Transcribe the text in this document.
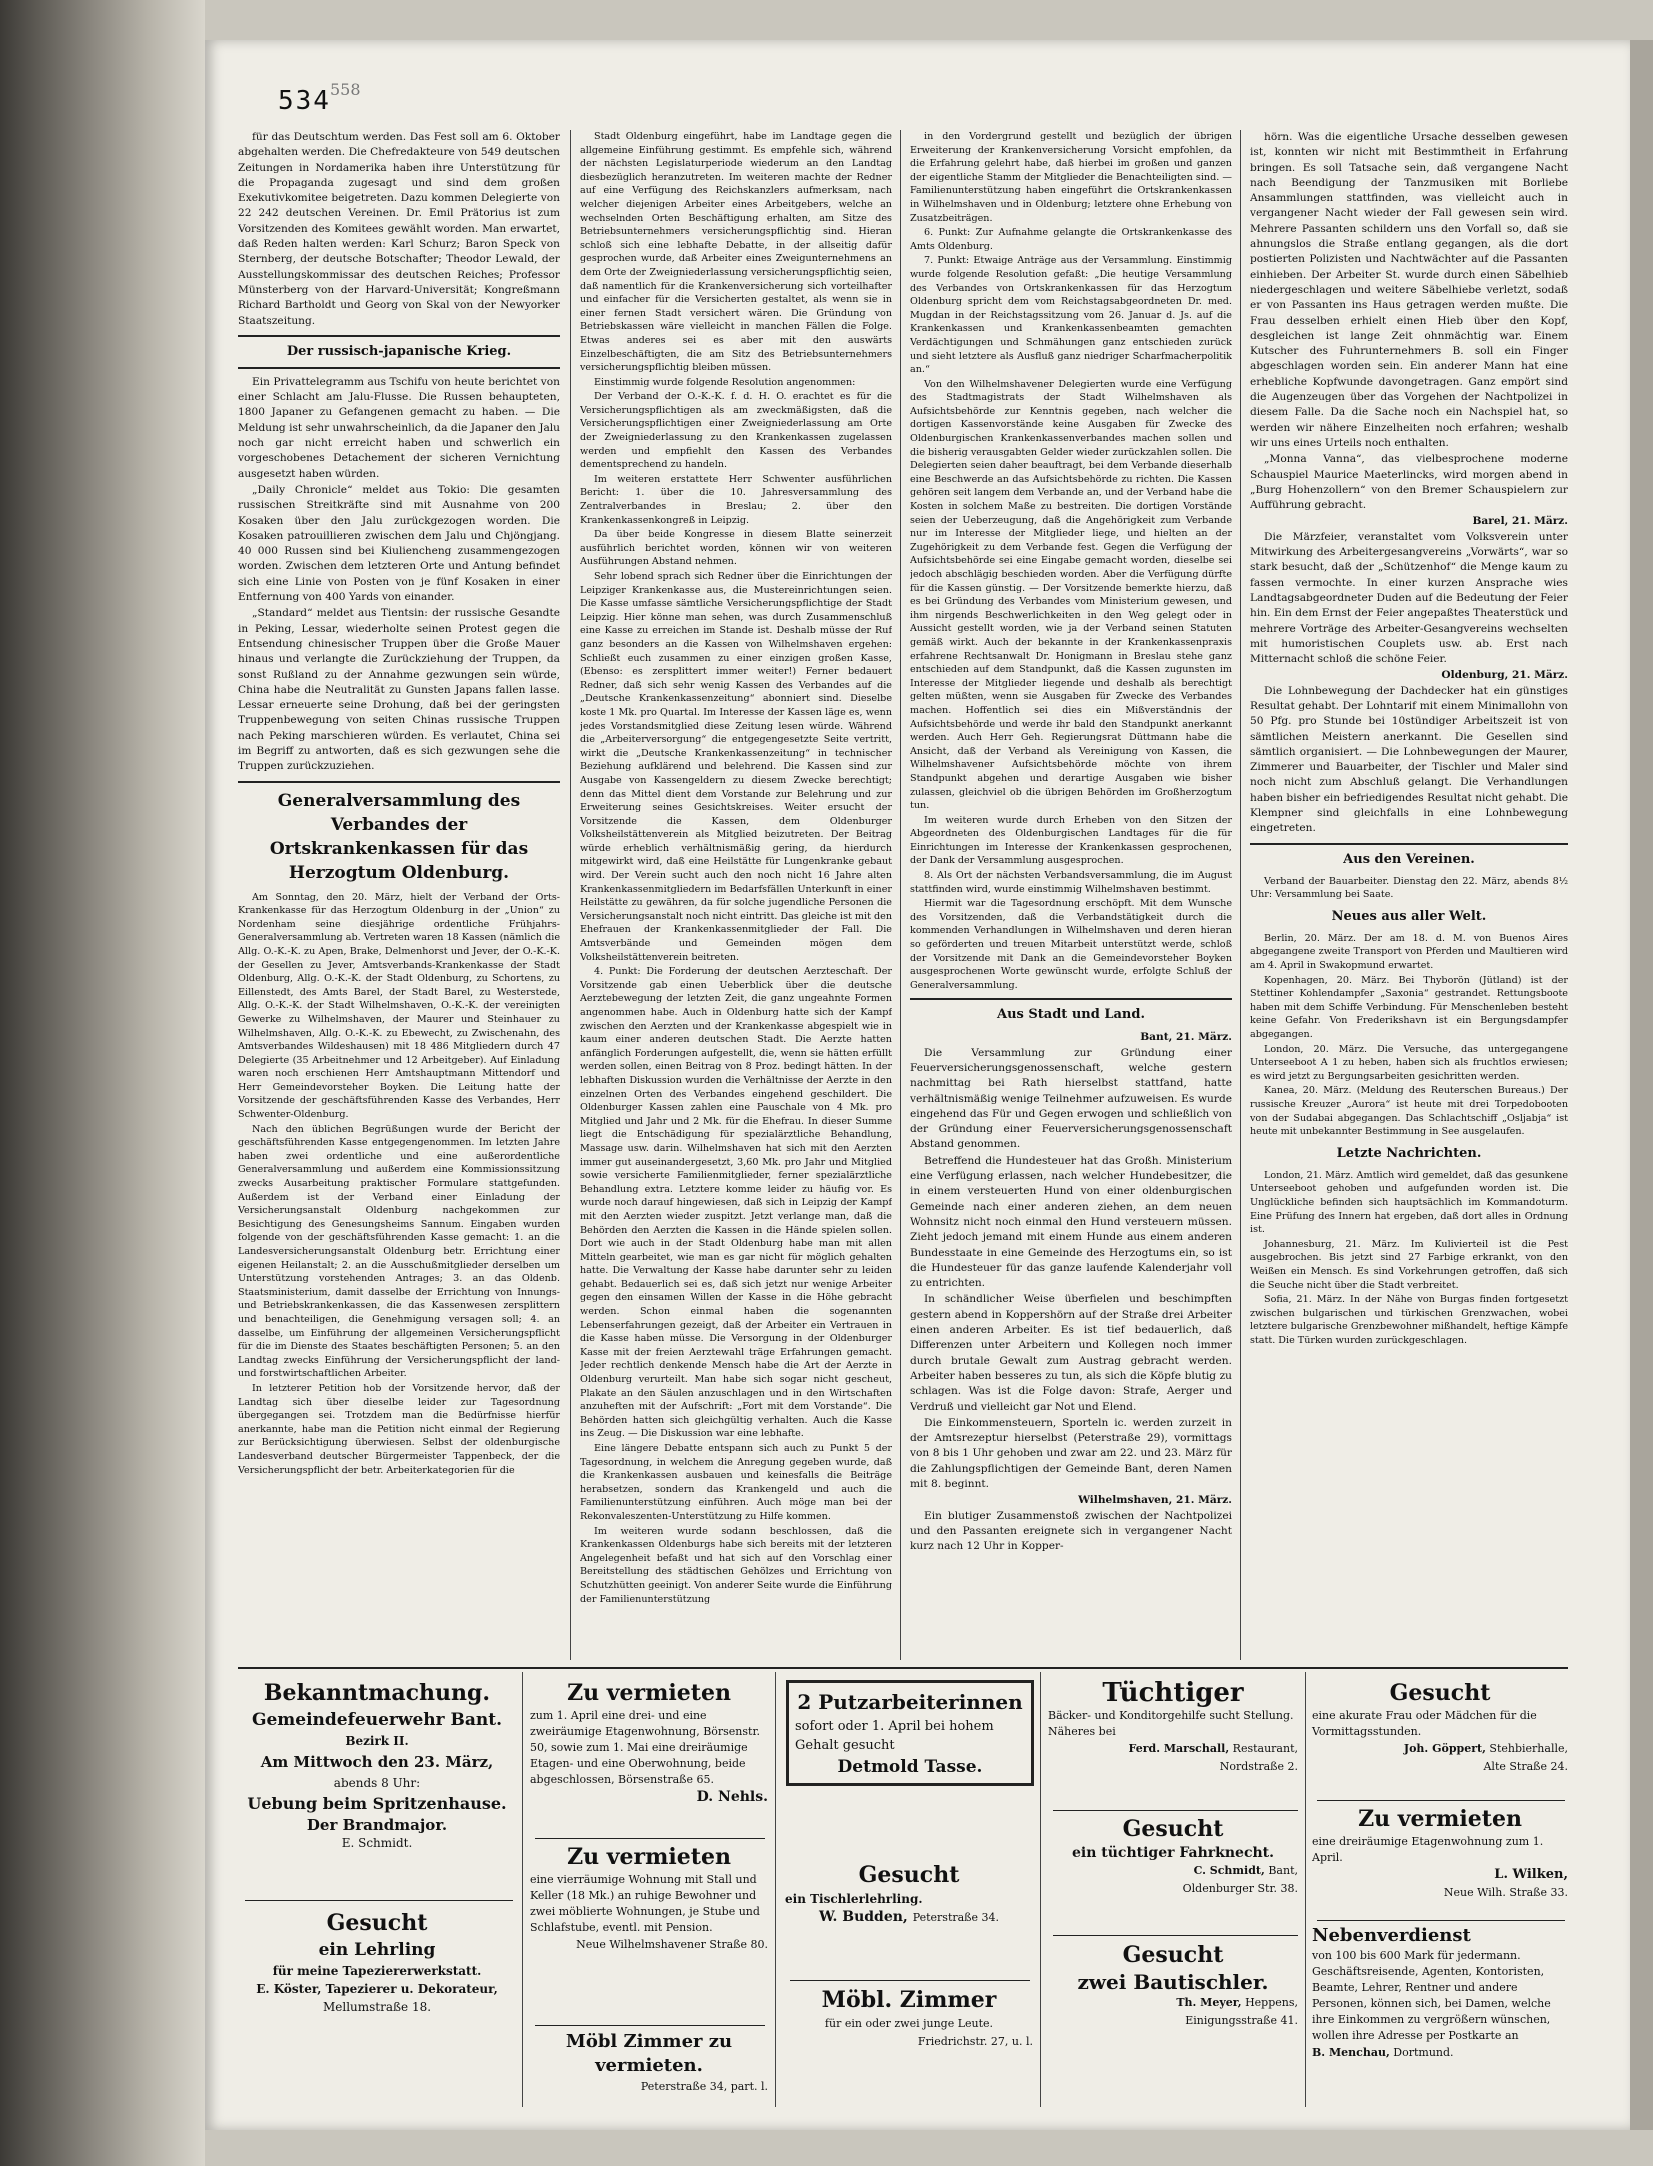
534 558

für das Deutschtum werden. Das Fest soll am 6. Oktober abgehalten werden. Die Chefredakteure von 549 deutschen Zeitungen in Nordamerika haben ihre Unterstützung für die Propaganda zugesagt und sind dem großen Exekutivkomitee beigetreten. Dazu kommen Delegierte von 22 242 deutschen Vereinen. Dr. Emil Prätorius ist zum Vorsitzenden des Komitees gewählt worden. Man erwartet, daß Reden halten werden: Karl Schurz; Baron Speck von Sternberg, der deutsche Botschafter; Theodor Lewald, der Ausstellungskommissar des deutschen Reiches; Professor Münsterberg von der Harvard-Universität; Kongreßmann Richard Bartholdt und Georg von Skal von der Newyorker Staatszeitung.

Der russisch-japanische Krieg.

Ein Privattelegramm aus Tschifu von heute berichtet von einer Schlacht am Jalu-Flusse. Die Russen behaupteten, 1800 Japaner zu Gefangenen gemacht zu haben. — Die Meldung ist sehr unwahrscheinlich, da die Japaner den Jalu noch gar nicht erreicht haben und schwerlich ein vorgeschobenes Detachement der sicheren Vernichtung ausgesetzt haben würden.

„Daily Chronicle“ meldet aus Tokio: Die gesamten russischen Streitkräfte sind mit Ausnahme von 200 Kosaken über den Jalu zurückgezogen worden. Die Kosaken patrouillieren zwischen dem Jalu und Chjöngjang. 40 000 Russen sind bei Kiuliencheng zusammengezogen worden. Zwischen dem letzteren Orte und Antung befindet sich eine Linie von Posten von je fünf Kosaken in einer Entfernung von 400 Yards von einander.

„Standard“ meldet aus Tientsin: der russische Gesandte in Peking, Lessar, wiederholte seinen Protest gegen die Entsendung chinesischer Truppen über die Große Mauer hinaus und verlangte die Zurückziehung der Truppen, da sonst Rußland zu der Annahme gezwungen sein würde, China habe die Neutralität zu Gunsten Japans fallen lasse. Lessar erneuerte seine Drohung, daß bei der geringsten Truppenbewegung von seiten Chinas russische Truppen nach Peking marschieren würden. Es verlautet, China sei im Begriff zu antworten, daß es sich gezwungen sehe die Truppen zurückzuziehen.

Generalversammlung des Verbandes der Ortskrankenkassen für das Herzogtum Oldenburg.

Am Sonntag, den 20. März, hielt der Verband der Orts-Krankenkasse für das Herzogtum Oldenburg in der „Union“ zu Nordenham seine diesjährige ordentliche Frühjahrs-Generalversammlung ab. Vertreten waren 18 Kassen (nämlich die Allg. O.-K.-K. zu Apen, Brake, Delmenhorst und Jever, der O.-K.-K. der Gesellen zu Jever, Amtsverbands-Krankenkasse der Stadt Oldenburg, Allg. O.-K.-K. der Stadt Oldenburg, zu Schortens, zu Eillenstedt, des Amts Barel, der Stadt Barel, zu Westerstede, Allg. O.-K.-K. der Stadt Wilhelmshaven, O.-K.-K. der vereinigten Gewerke zu Wilhelmshaven, der Maurer und Steinhauer zu Wilhelmshaven, Allg. O.-K.-K. zu Ebewecht, zu Zwischenahn, des Amtsverbandes Wildeshausen) mit 18 486 Mitgliedern durch 47 Delegierte (35 Arbeitnehmer und 12 Arbeitgeber). Auf Einladung waren noch erschienen Herr Amtshauptmann Mittendorf und Herr Gemeindevorsteher Boyken. Die Leitung hatte der Vorsitzende der geschäftsführenden Kasse des Verbandes, Herr Schwenter-Oldenburg.

Nach den üblichen Begrüßungen wurde der Bericht der geschäftsführenden Kasse entgegengenommen. Im letzten Jahre haben zwei ordentliche und eine außerordentliche Generalversammlung und außerdem eine Kommissionssitzung zwecks Ausarbeitung praktischer Formulare stattgefunden. Außerdem ist der Verband einer Einladung der Versicherungsanstalt Oldenburg nachgekommen zur Besichtigung des Genesungsheims Sannum. Eingaben wurden folgende von der geschäftsführenden Kasse gemacht: 1. an die Landesversicherungsanstalt Oldenburg betr. Errichtung einer eigenen Heilanstalt; 2. an die Ausschußmitglieder derselben um Unterstützung vorstehenden Antrages; 3. an das Oldenb. Staatsministerium, damit dasselbe der Errichtung von Innungs- und Betriebskrankenkassen, die das Kassenwesen zersplittern und benachteiligen, die Genehmigung versagen soll; 4. an dasselbe, um Einführung der allgemeinen Versicherungspflicht für die im Dienste des Staates beschäftigten Personen; 5. an den Landtag zwecks Einführung der Versicherungspflicht der land- und forstwirtschaftlichen Arbeiter.

In letzterer Petition hob der Vorsitzende hervor, daß der Landtag sich über dieselbe leider zur Tagesordnung übergegangen sei. Trotzdem man die Bedürfnisse hierfür anerkannte, habe man die Petition nicht einmal der Regierung zur Berücksichtigung überwiesen. Selbst der oldenburgische Landesverband deutscher Bürgermeister Tappenbeck, der die Versicherungspflicht der betr. Arbeiterkategorien für die

Stadt Oldenburg eingeführt, habe im Landtage gegen die allgemeine Einführung gestimmt. Es empfehle sich, während der nächsten Legislaturperiode wiederum an den Landtag diesbezüglich heranzutreten. Im weiteren machte der Redner auf eine Verfügung des Reichskanzlers aufmerksam, nach welcher diejenigen Arbeiter eines Arbeitgebers, welche an wechselnden Orten Beschäftigung erhalten, am Sitze des Betriebsunternehmers versicherungspflichtig sind. Hieran schloß sich eine lebhafte Debatte, in der allseitig dafür gesprochen wurde, daß Arbeiter eines Zweigunternehmens an dem Orte der Zweigniederlassung versicherungspflichtig seien, daß namentlich für die Krankenversicherung sich vorteilhafter und einfacher für die Versicherten gestaltet, als wenn sie in einer fernen Stadt versichert wären. Die Gründung von Betriebskassen wäre vielleicht in manchen Fällen die Folge. Etwas anderes sei es aber mit den auswärts Einzelbeschäftigten, die am Sitz des Betriebsunternehmers versicherungspflichtig bleiben müssen.

Einstimmig wurde folgende Resolution angenommen:

Der Verband der O.-K.-K. f. d. H. O. erachtet es für die Versicherungspflichtigen als am zweckmäßigsten, daß die Versicherungspflichtigen einer Zweigniederlassung am Orte der Zweigniederlassung zu den Krankenkassen zugelassen werden und empfiehlt den Kassen des Verbandes dementsprechend zu handeln.

Im weiteren erstattete Herr Schwenter ausführlichen Bericht: 1. über die 10. Jahresversammlung des Zentralverbandes in Breslau; 2. über den Krankenkassenkongreß in Leipzig.

Da über beide Kongresse in diesem Blatte seinerzeit ausführlich berichtet worden, können wir von weiteren Ausführungen Abstand nehmen.

Sehr lobend sprach sich Redner über die Einrichtungen der Leipziger Krankenkasse aus, die Mustereinrichtungen seien. Die Kasse umfasse sämtliche Versicherungspflichtige der Stadt Leipzig. Hier könne man sehen, was durch Zusammenschluß eine Kasse zu erreichen im Stande ist. Deshalb müsse der Ruf ganz besonders an die Kassen von Wilhelmshaven ergehen: Schließt euch zusammen zu einer einzigen großen Kasse, (Ebenso: es zersplittert immer weiter!) Ferner bedauert Redner, daß sich sehr wenig Kassen des Verbandes auf die „Deutsche Krankenkassenzeitung“ abonniert sind. Dieselbe koste 1 Mk. pro Quartal. Im Interesse der Kassen läge es, wenn jedes Vorstandsmitglied diese Zeitung lesen würde. Während die „Arbeiterversorgung“ die entgegengesetzte Seite vertritt, wirkt die „Deutsche Krankenkassenzeitung“ in technischer Beziehung aufklärend und belehrend. Die Kassen sind zur Ausgabe von Kassengeldern zu diesem Zwecke berechtigt; denn das Mittel dient dem Vorstande zur Belehrung und zur Erweiterung seines Gesichtskreises. Weiter ersucht der Vorsitzende die Kassen, dem Oldenburger Volksheilstättenverein als Mitglied beizutreten. Der Beitrag würde erheblich verhältnismäßig gering, da hierdurch mitgewirkt wird, daß eine Heilstätte für Lungenkranke gebaut wird. Der Verein sucht auch den noch nicht 16 Jahre alten Krankenkassenmitgliedern im Bedarfsfällen Unterkunft in einer Heilstätte zu gewähren, da für solche jugendliche Personen die Versicherungsanstalt noch nicht eintritt. Das gleiche ist mit den Ehefrauen der Krankenkassenmitglieder der Fall. Die Amtsverbände und Gemeinden mögen dem Volksheilstättenverein beitreten.

4. Punkt: Die Forderung der deutschen Aerzteschaft. Der Vorsitzende gab einen Ueberblick über die deutsche Aerztebewegung der letzten Zeit, die ganz ungeahnte Formen angenommen habe. Auch in Oldenburg hatte sich der Kampf zwischen den Aerzten und der Krankenkasse abgespielt wie in kaum einer anderen deutschen Stadt. Die Aerzte hatten anfänglich Forderungen aufgestellt, die, wenn sie hätten erfüllt werden sollen, einen Beitrag von 8 Proz. bedingt hätten. In der lebhaften Diskussion wurden die Verhältnisse der Aerzte in den einzelnen Orten des Verbandes eingehend geschildert. Die Oldenburger Kassen zahlen eine Pauschale von 4 Mk. pro Mitglied und Jahr und 2 Mk. für die Ehefrau. In dieser Summe liegt die Entschädigung für spezialärztliche Behandlung, Massage usw. darin. Wilhelmshaven hat sich mit den Aerzten immer gut auseinandergesetzt, 3,60 Mk. pro Jahr und Mitglied sowie versicherte Familienmitglieder, ferner spezialärztliche Behandlung extra. Letztere komme leider zu häufig vor. Es wurde noch darauf hingewiesen, daß sich in Leipzig der Kampf mit den Aerzten wieder zuspitzt. Jetzt verlange man, daß die Behörden den Aerzten die Kassen in die Hände spielen sollen. Dort wie auch in der Stadt Oldenburg habe man mit allen Mitteln gearbeitet, wie man es gar nicht für möglich gehalten hatte. Die Verwaltung der Kasse habe darunter sehr zu leiden gehabt. Bedauerlich sei es, daß sich jetzt nur wenige Arbeiter gegen den einsamen Willen der Kasse in die Höhe gebracht werden. Schon einmal haben die sogenannten Lebenserfahrungen gezeigt, daß der Arbeiter ein Vertrauen in die Kasse haben müsse. Die Versorgung in der Oldenburger Kasse mit der freien Aerztewahl träge Erfahrungen gemacht. Jeder rechtlich denkende Mensch habe die Art der Aerzte in Oldenburg verurteilt. Man habe sich sogar nicht gescheut, Plakate an den Säulen anzuschlagen und in den Wirtschaften anzuheften mit der Aufschrift: „Fort mit dem Vorstande“. Die Behörden hatten sich gleichgültig verhalten. Auch die Kasse ins Zeug. — Die Diskussion war eine lebhafte.

Eine längere Debatte entspann sich auch zu Punkt 5 der Tagesordnung, in welchem die Anregung gegeben wurde, daß die Krankenkassen ausbauen und keinesfalls die Beiträge herabsetzen, sondern das Krankengeld und auch die Familienunterstützung einführen. Auch möge man bei der Rekonvaleszenten-Unterstützung zu Hilfe kommen.

Im weiteren wurde sodann beschlossen, daß die Krankenkassen Oldenburgs habe sich bereits mit der letzteren Angelegenheit befaßt und hat sich auf den Vorschlag einer Bereitstellung des städtischen Gehölzes und Errichtung von Schutzhütten geeinigt. Von anderer Seite wurde die Einführung der Familienunterstützung

in den Vordergrund gestellt und bezüglich der übrigen Erweiterung der Krankenversicherung Vorsicht empfohlen, da die Erfahrung gelehrt habe, daß hierbei im großen und ganzen der eigentliche Stamm der Mitglieder die Benachteiligten sind. — Familienunterstützung haben eingeführt die Ortskrankenkassen in Wilhelmshaven und in Oldenburg; letztere ohne Erhebung von Zusatzbeiträgen.

6. Punkt: Zur Aufnahme gelangte die Ortskrankenkasse des Amts Oldenburg.

7. Punkt: Etwaige Anträge aus der Versammlung. Einstimmig wurde folgende Resolution gefaßt: „Die heutige Versammlung des Verbandes von Ortskrankenkassen für das Herzogtum Oldenburg spricht dem vom Reichstagsabgeordneten Dr. med. Mugdan in der Reichstagssitzung vom 26. Januar d. Js. auf die Krankenkassen und Krankenkassenbeamten gemachten Verdächtigungen und Schmähungen ganz entschieden zurück und sieht letztere als Ausfluß ganz niedriger Scharfmacherpolitik an.“

Von den Wilhelmshavener Delegierten wurde eine Verfügung des Stadtmagistrats der Stadt Wilhelmshaven als Aufsichtsbehörde zur Kenntnis gegeben, nach welcher die dortigen Kassenvorstände keine Ausgaben für Zwecke des Oldenburgischen Krankenkassenverbandes machen sollen und die bisherig verausgabten Gelder wieder zurückzahlen sollen. Die Delegierten seien daher beauftragt, bei dem Verbande dieserhalb eine Beschwerde an das Aufsichtsbehörde zu richten. Die Kassen gehören seit langem dem Verbande an, und der Verband habe die Kosten in solchem Maße zu bestreiten. Die dortigen Vorstände seien der Ueberzeugung, daß die Angehörigkeit zum Verbande nur im Interesse der Mitglieder liege, und hielten an der Zugehörigkeit zu dem Verbande fest. Gegen die Verfügung der Aufsichtsbehörde sei eine Eingabe gemacht worden, dieselbe sei jedoch abschlägig beschieden worden. Aber die Verfügung dürfte für die Kassen günstig. — Der Vorsitzende bemerkte hierzu, daß es bei Gründung des Verbandes vom Ministerium gewesen, und ihm nirgends Beschwerlichkeiten in den Weg gelegt oder in Aussicht gestellt worden, wie ja der Verband seinen Statuten gemäß wirkt. Auch der bekannte in der Krankenkassenpraxis erfahrene Rechtsanwalt Dr. Honigmann in Breslau stehe ganz entschieden auf dem Standpunkt, daß die Kassen zugunsten im Interesse der Mitglieder liegende und deshalb als berechtigt gelten müßten, wenn sie Ausgaben für Zwecke des Verbandes machen. Hoffentlich sei dies ein Mißverständnis der Aufsichtsbehörde und werde ihr bald den Standpunkt anerkannt werden. Auch Herr Geh. Regierungsrat Düttmann habe die Ansicht, daß der Verband als Vereinigung von Kassen, die Wilhelmshavener Aufsichtsbehörde möchte von ihrem Standpunkt abgehen und derartige Ausgaben wie bisher zulassen, gleichviel ob die übrigen Behörden im Großherzogtum tun.

Im weiteren wurde durch Erheben von den Sitzen der Abgeordneten des Oldenburgischen Landtages für die für Einrichtungen im Interesse der Krankenkassen gesprochenen, der Dank der Versammlung ausgesprochen.

8. Als Ort der nächsten Verbandsversammlung, die im August stattfinden wird, wurde einstimmig Wilhelmshaven bestimmt.

Hiermit war die Tagesordnung erschöpft. Mit dem Wunsche des Vorsitzenden, daß die Verbandstätigkeit durch die kommenden Verhandlungen in Wilhelmshaven und deren hieran so geförderten und treuen Mitarbeit unterstützt werde, schloß der Vorsitzende mit Dank an die Gemeindevorsteher Boyken ausgesprochenen Worte gewünscht wurde, erfolgte Schluß der Generalversammlung.

Aus Stadt und Land.
Bant, 21. März.

Die Versammlung zur Gründung einer Feuerversicherungsgenossenschaft, welche gestern nachmittag bei Rath hierselbst stattfand, hatte verhältnismäßig wenige Teilnehmer aufzuweisen. Es wurde eingehend das Für und Gegen erwogen und schließlich von der Gründung einer Feuerversicherungsgenossenschaft Abstand genommen.

Betreffend die Hundesteuer hat das Großh. Ministerium eine Verfügung erlassen, nach welcher Hundebesitzer, die in einem versteuerten Hund von einer oldenburgischen Gemeinde nach einer anderen ziehen, an dem neuen Wohnsitz nicht noch einmal den Hund versteuern müssen. Zieht jedoch jemand mit einem Hunde aus einem anderen Bundesstaate in eine Gemeinde des Herzogtums ein, so ist die Hundesteuer für das ganze laufende Kalenderjahr voll zu entrichten.

In schändlicher Weise überfielen und beschimpften gestern abend in Koppershörn auf der Straße drei Arbeiter einen anderen Arbeiter. Es ist tief bedauerlich, daß Differenzen unter Arbeitern und Kollegen noch immer durch brutale Gewalt zum Austrag gebracht werden. Arbeiter haben besseres zu tun, als sich die Köpfe blutig zu schlagen. Was ist die Folge davon: Strafe, Aerger und Verdruß und vielleicht gar Not und Elend.

Die Einkommensteuern, Sporteln ic. werden zurzeit in der Amtsrezeptur hierselbst (Peterstraße 29), vormittags von 8 bis 1 Uhr gehoben und zwar am 22. und 23. März für die Zahlungspflichtigen der Gemeinde Bant, deren Namen mit 8. beginnt.

Wilhelmshaven, 21. März.

Ein blutiger Zusammenstoß zwischen der Nachtpolizei und den Passanten ereignete sich in vergangener Nacht kurz nach 12 Uhr in Kopper-

hörn. Was die eigentliche Ursache desselben gewesen ist, konnten wir nicht mit Bestimmtheit in Erfahrung bringen. Es soll Tatsache sein, daß vergangene Nacht nach Beendigung der Tanzmusiken mit Borliebe Ansammlungen stattfinden, was vielleicht auch in vergangener Nacht wieder der Fall gewesen sein wird. Mehrere Passanten schildern uns den Vorfall so, daß sie ahnungslos die Straße entlang gegangen, als die dort postierten Polizisten und Nachtwächter auf die Passanten einhieben. Der Arbeiter St. wurde durch einen Säbelhieb niedergeschlagen und weitere Säbelhiebe verletzt, sodaß er von Passanten ins Haus getragen werden mußte. Die Frau desselben erhielt einen Hieb über den Kopf, desgleichen ist lange Zeit ohnmächtig war. Einem Kutscher des Fuhrunternehmers B. soll ein Finger abgeschlagen worden sein. Ein anderer Mann hat eine erhebliche Kopfwunde davongetragen. Ganz empört sind die Augenzeugen über das Vorgehen der Nachtpolizei in diesem Falle. Da die Sache noch ein Nachspiel hat, so werden wir nähere Einzelheiten noch erfahren; weshalb wir uns eines Urteils noch enthalten.

„Monna Vanna“, das vielbesprochene moderne Schauspiel Maurice Maeterlincks, wird morgen abend in „Burg Hohenzollern“ von den Bremer Schauspielern zur Aufführung gebracht.

Barel, 21. März.

Die Märzfeier, veranstaltet vom Volksverein unter Mitwirkung des Arbeitergesangvereins „Vorwärts“, war so stark besucht, daß der „Schützenhof“ die Menge kaum zu fassen vermochte. In einer kurzen Ansprache wies Landtagsabgeordneter Duden auf die Bedeutung der Feier hin. Ein dem Ernst der Feier angepaßtes Theaterstück und mehrere Vorträge des Arbeiter-Gesangvereins wechselten mit humoristischen Couplets usw. ab. Erst nach Mitternacht schloß die schöne Feier.

Oldenburg, 21. März.

Die Lohnbewegung der Dachdecker hat ein günstiges Resultat gehabt. Der Lohntarif mit einem Minimallohn von 50 Pfg. pro Stunde bei 10stündiger Arbeitszeit ist von sämtlichen Meistern anerkannt. Die Gesellen sind sämtlich organisiert. — Die Lohnbewegungen der Maurer, Zimmerer und Bauarbeiter, der Tischler und Maler sind noch nicht zum Abschluß gelangt. Die Verhandlungen haben bisher ein befriedigendes Resultat nicht gehabt. Die Klempner sind gleichfalls in eine Lohnbewegung eingetreten.

Aus den Vereinen.

Verband der Bauarbeiter. Dienstag den 22. März, abends 8½ Uhr: Versammlung bei Saate.

Neues aus aller Welt.

Berlin, 20. März. Der am 18. d. M. von Buenos Aires abgegangene zweite Transport von Pferden und Maultieren wird am 4. April in Swakopmund erwartet.

Kopenhagen, 20. März. Bei Thyborön (Jütland) ist der Stettiner Kohlendampfer „Saxonia“ gestrandet. Rettungsboote haben mit dem Schiffe Verbindung. Für Menschenleben besteht keine Gefahr. Von Frederikshavn ist ein Bergungsdampfer abgegangen.

London, 20. März. Die Versuche, das untergegangene Unterseeboot A 1 zu heben, haben sich als fruchtlos erwiesen; es wird jetzt zu Bergungsarbeiten gesichritten werden.

Kanea, 20. März. (Meldung des Reuterschen Bureaus.) Der russische Kreuzer „Aurora“ ist heute mit drei Torpedobooten von der Sudabai abgegangen. Das Schlachtschiff „Osljabja“ ist heute mit unbekannter Bestimmung in See ausgelaufen.

Letzte Nachrichten.

London, 21. März. Amtlich wird gemeldet, daß das gesunkene Unterseeboot gehoben und aufgefunden worden ist. Die Unglückliche befinden sich hauptsächlich im Kommandoturm. Eine Prüfung des Innern hat ergeben, daß dort alles in Ordnung ist.

Johannesburg, 21. März. Im Kulivierteil ist die Pest ausgebrochen. Bis jetzt sind 27 Farbige erkrankt, von den Weißen ein Mensch. Es sind Vorkehrungen getroffen, daß sich die Seuche nicht über die Stadt verbreitet.

Sofia, 21. März. In der Nähe von Burgas finden fortgesetzt zwischen bulgarischen und türkischen Grenzwachen, wobei letztere bulgarische Grenzbewohner mißhandelt, heftige Kämpfe statt. Die Türken wurden zurückgeschlagen.

Bekanntmachung.
Gemeindefeuerwehr Bant.
Bezirk II.
Am Mittwoch den 23. März,
abends 8 Uhr:
Uebung beim Spritzenhause.
Der Brandmajor.
E. Schmidt.
Gesucht
ein Lehrling
für meine Tapeziererwerkstatt.
E. Köster, Tapezierer u. Dekorateur,
Mellumstraße 18.
Zu vermieten
zum 1. April eine drei- und eine zweiräumige Etagenwohnung, Börsenstr. 50, sowie zum 1. Mai eine dreiräumige Etagen- und eine Oberwohnung, beide abgeschlossen, Börsenstraße 65.
D. Nehls.
Zu vermieten
eine vierräumige Wohnung mit Stall und Keller (18 Mk.) an ruhige Bewohner und zwei möblierte Wohnungen, je Stube und Schlafstube, eventl. mit Pension.
Neue Wilhelmshavener Straße 80.
Möbl Zimmer zu vermieten.
Peterstraße 34, part. l.
2 Putzarbeiterinnen
sofort oder 1. April bei hohem Gehalt gesucht
Detmold Tasse.
Gesucht
ein Tischlerlehrling.
W. Budden, Peterstraße 34.
Möbl. Zimmer
für ein oder zwei junge Leute.
Friedrichstr. 27, u. l.
Tüchtiger
Bäcker- und Konditorgehilfe sucht Stellung. Näheres bei
Ferd. Marschall, Restaurant,
Nordstraße 2.
Gesucht
ein tüchtiger Fahrknecht.
C. Schmidt, Bant,
Oldenburger Str. 38.
Gesucht
zwei Bautischler.
Th. Meyer, Heppens,
Einigungsstraße 41.
Gesucht
eine akurate Frau oder Mädchen für die Vormittagsstunden.
Joh. Göppert, Stehbierhalle,
Alte Straße 24.
Zu vermieten
eine dreiräumige Etagenwohnung zum 1. April.
L. Wilken,
Neue Wilh. Straße 33.
Nebenverdienst
von 100 bis 600 Mark für jedermann. Geschäftsreisende, Agenten, Kontoristen, Beamte, Lehrer, Rentner und andere Personen, können sich, bei Damen, welche ihre Einkommen zu vergrößern wünschen, wollen ihre Adresse per Postkarte an
B. Menchau, Dortmund.
